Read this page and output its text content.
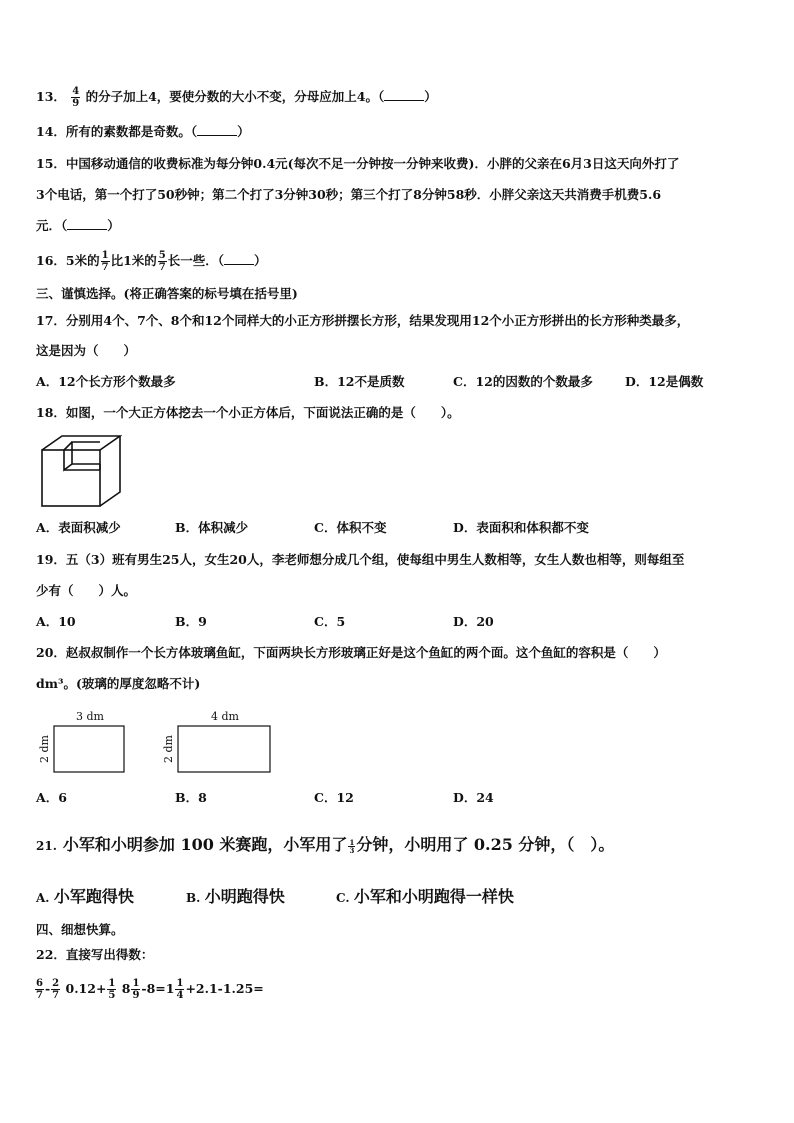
13． $\frac{4}{9}$ 的分子加上4，要使分数的大小不变，分母应加上4。（	）
14．所有的素数都是奇数。（	）
15．中国移动通信的收费标准为每分钟0.4元(每次不足一分钟按一分钟来收费)．小胖的父亲在6月3日这天向外打了
3个电话，第一个打了50秒钟；第二个打了3分钟30秒；第三个打了8分钟58秒．小胖父亲这天共消费手机费5.6
元．（	）
16．5米的 $\frac{1}{7}$ 比1米的 $\frac{5}{7}$ 长一些．（ ）
三、谨慎选择。(将正确答案的标号填在括号里)
17．分别用4个、7个、8个和12个同样大的小正方形拼摆长方形，结果发现用12个小正方形拼出的长方形种类最多，
这是因为（　　）
A．12个长方形个数最多	B．12不是质数	C．12的因数的个数最多	D．12是偶数
18．如图，一个大正方体挖去一个小正方体后，下面说法正确的是（　　）。
A．表面积减少	B．体积减少	C．体积不变	D．表面积和体积都不变
19．五（3）班有男生25人，女生20人，李老师想分成几个组，使每组中男生人数相等，女生人数也相等，则每组至
少有（　　）人。
A．10	B．9	C．5	D．20
20．赵叔叔制作一个长方体玻璃鱼缸，下面两块长方形玻璃正好是这个鱼缸的两个面。这个鱼缸的容积是（　　）
dm³。(玻璃的厚度忽略不计)
3 dm
2 dm
4 dm
2 dm
A．6	B．8	C．12	D．24
21. 小军和小明参加 100 米赛跑，小军用了 $\frac{1}{3}$ 分钟，小明用了 0.25 分钟，（　）。
A. 小军跑得快	B. 小明跑得快	C. 小军和小明跑得一样快
四、细想快算。
22．直接写出得数：
$\frac{6}{7} - \frac{2}{7} 0.12+ \frac{1}{5} 8 \frac{1}{9} -8=1 \frac{1}{4} +2.1-1.25=$
